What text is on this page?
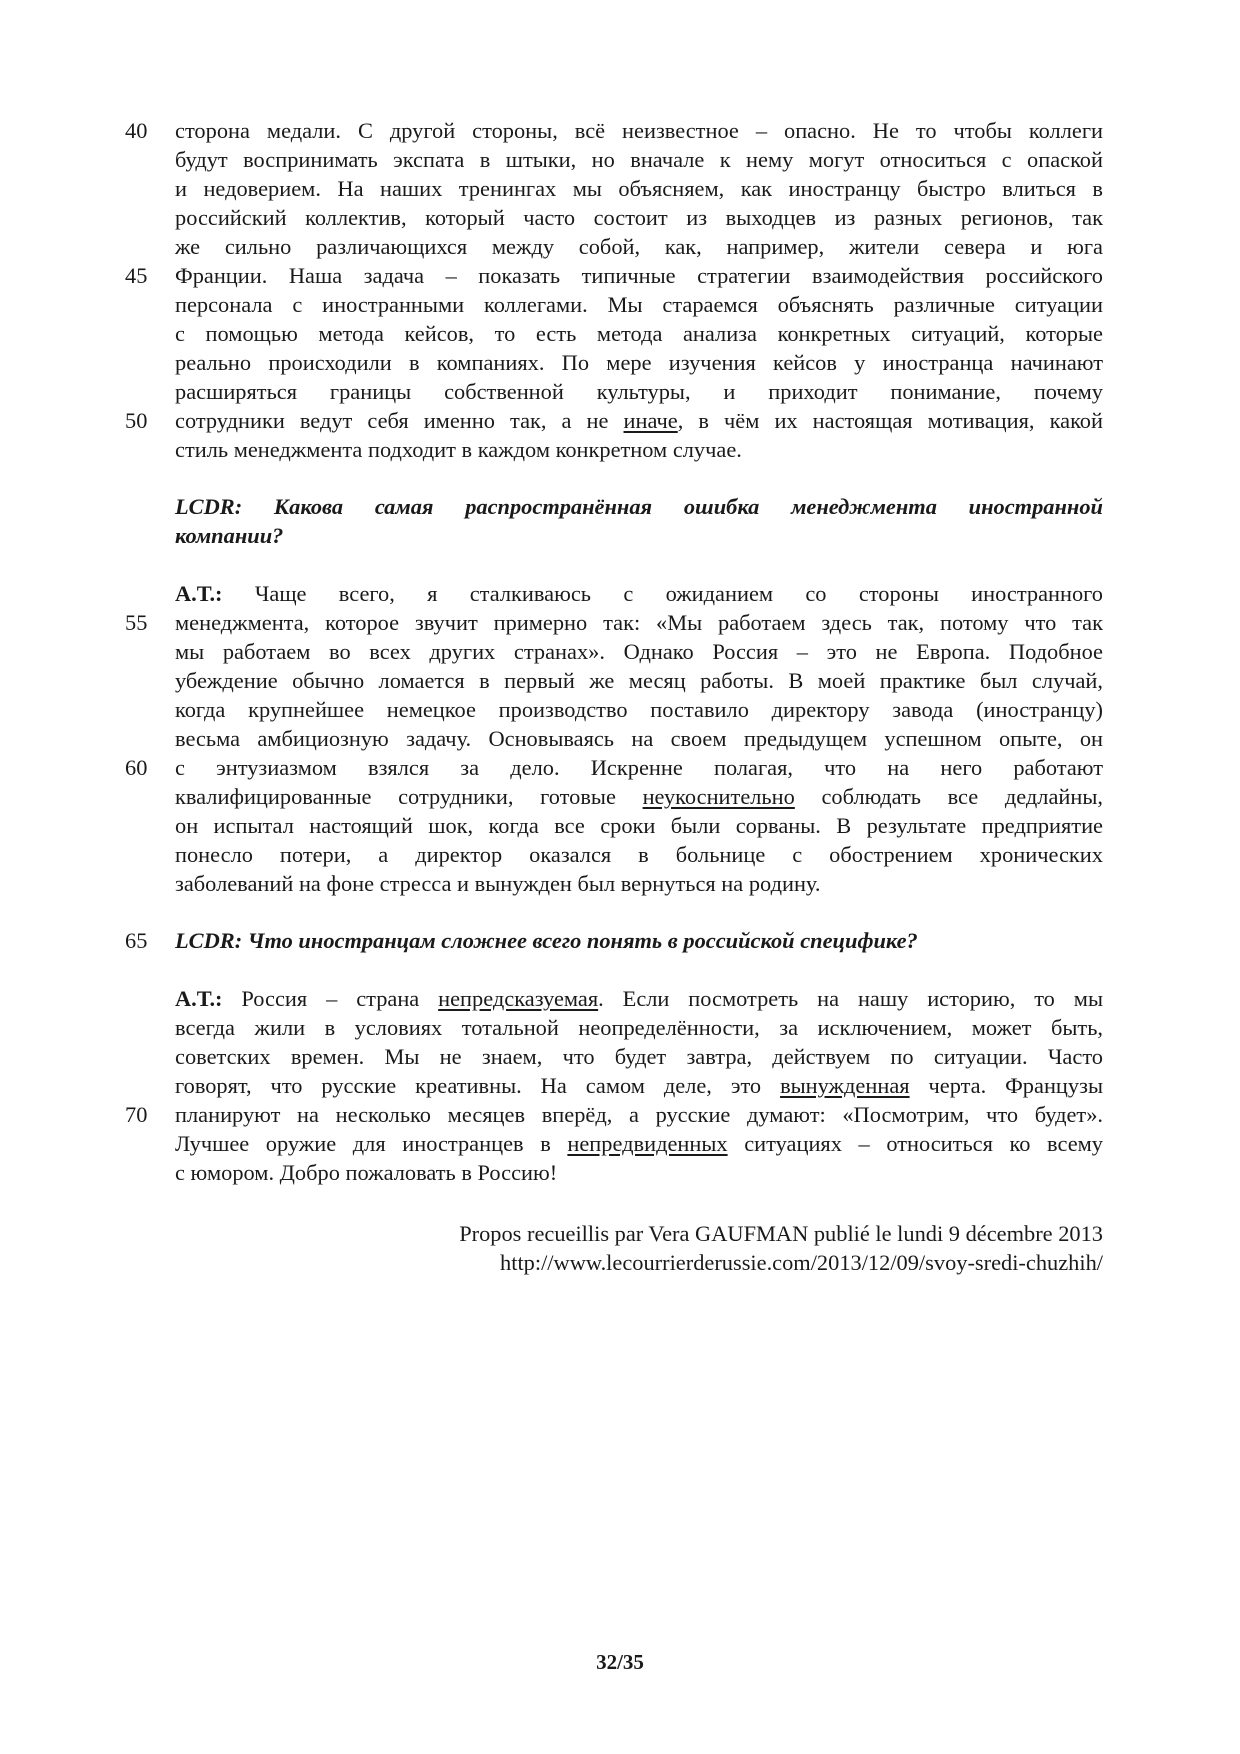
40
45
50
55
60
65
70
сторона медали. С другой стороны, всё неизвестное – опасно. Не то чтобы коллеги
будут воспринимать экспата в штыки, но вначале к нему могут относиться с опаской
и недоверием. На наших тренингах мы объясняем, как иностранцу быстро влиться в
российский коллектив, который часто состоит из выходцев из разных регионов, так
же сильно различающихся между собой, как, например, жители севера и юга
Франции. Наша задача – показать типичные стратегии взаимодействия российского
персонала с иностранными коллегами. Мы стараемся объяснять различные ситуации
с помощью метода кейсов, то есть метода анализа конкретных ситуаций, которые
реально происходили в компаниях. По мере изучения кейсов у иностранца начинают
расширяться границы собственной культуры, и приходит понимание, почему
сотрудники ведут себя именно так, а не иначе, в чём их настоящая мотивация, какой
стиль менеджмента подходит в каждом конкретном случае.
LCDR: Какова самая распространённая ошибка менеджмента иностранной
компании?
А.Т.: Чаще всего, я сталкиваюсь с ожиданием со стороны иностранного
менеджмента, которое звучит примерно так: «Мы работаем здесь так, потому что так
мы работаем во всех других странах». Однако Россия – это не Европа. Подобное
убеждение обычно ломается в первый же месяц работы. В моей практике был случай,
когда крупнейшее немецкое производство поставило директору завода (иностранцу)
весьма амбициозную задачу. Основываясь на своем предыдущем успешном опыте, он
с энтузиазмом взялся за дело. Искренне полагая, что на него работают
квалифицированные сотрудники, готовые неукоснительно соблюдать все дедлайны,
он испытал настоящий шок, когда все сроки были сорваны. В результате предприятие
понесло потери, а директор оказался в больнице с обострением хронических
заболеваний на фоне стресса и вынужден был вернуться на родину.
LCDR: Что иностранцам сложнее всего понять в российской специфике?
А.Т.: Россия – страна непредсказуемая. Если посмотреть на нашу историю, то мы
всегда жили в условиях тотальной неопределённости, за исключением, может быть,
советских времен. Мы не знаем, что будет завтра, действуем по ситуации. Часто
говорят, что русские креативны. На самом деле, это вынужденная черта. Французы
планируют на несколько месяцев вперёд, а русские думают: «Посмотрим, что будет».
Лучшее оружие для иностранцев в непредвиденных ситуациях – относиться ко всему
с юмором. Добро пожаловать в Россию!
Propos recueillis par Vera GAUFMAN publié le lundi 9 décembre 2013
http://www.lecourrierderussie.com/2013/12/09/svoy-sredi-chuzhih/
32/35
